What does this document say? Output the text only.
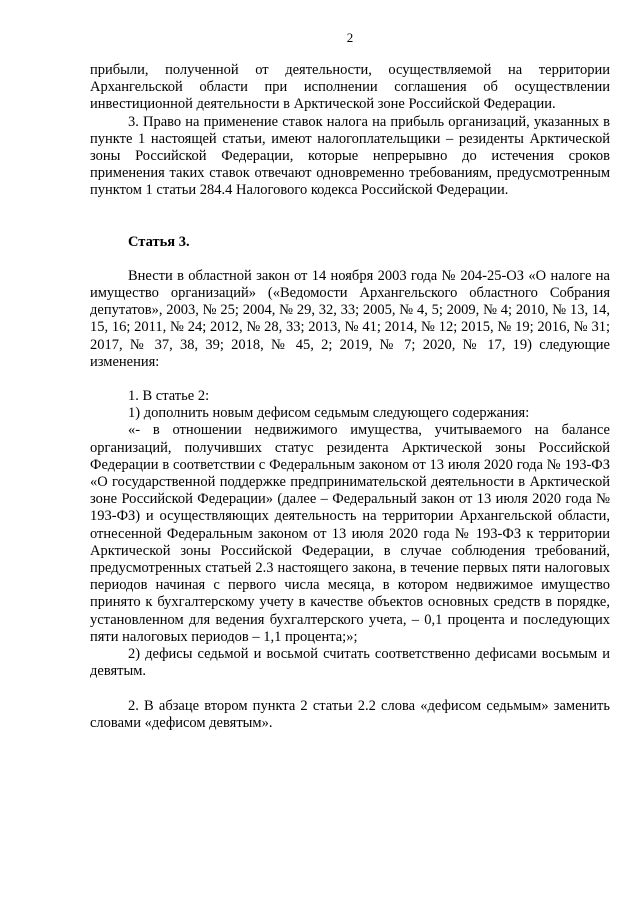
2

прибыли, полученной от деятельности, осуществляемой на территории Архангельской области при исполнении соглашения об осуществлении инвестиционной деятельности в Арктической зоне Российской Федерации.

3. Право на применение ставок налога на прибыль организаций, указанных в пункте 1 настоящей статьи, имеют налогоплательщики – резиденты Арктической зоны Российской Федерации, которые непрерывно до истечения сроков применения таких ставок отвечают одновременно требованиям, предусмотренным пунктом 1 статьи 284.4 Налогового кодекса Российской Федерации.

Статья 3.

Внести в областной закон от 14 ноября 2003 года № 204-25-ОЗ «О налоге на имущество организаций» («Ведомости Архангельского областного Собрания депутатов», 2003, № 25; 2004, № 29, 32, 33; 2005, № 4, 5; 2009, № 4; 2010, № 13, 14, 15, 16; 2011, № 24; 2012, № 28, 33; 2013, № 41; 2014, № 12; 2015, № 19; 2016, № 31; 2017, № 37, 38, 39; 2018, № 45, 2; 2019, № 7; 2020, № 17, 19) следующие изменения:

1. В статье 2:

1) дополнить новым дефисом седьмым следующего содержания:

«- в отношении недвижимого имущества, учитываемого на балансе организаций, получивших статус резидента Арктической зоны Российской Федерации в соответствии с Федеральным законом от 13 июля 2020 года № 193-ФЗ «О государственной поддержке предпринимательской деятельности в Арктической зоне Российской Федерации» (далее – Федеральный закон от 13 июля 2020 года № 193-ФЗ) и осуществляющих деятельность на территории Архангельской области, отнесенной Федеральным законом от 13 июля 2020 года № 193-ФЗ к территории Арктической зоны Российской Федерации, в случае соблюдения требований, предусмотренных статьей 2.3 настоящего закона, в течение первых пяти налоговых периодов начиная с первого числа месяца, в котором недвижимое имущество принято к бухгалтерскому учету в качестве объектов основных средств в порядке, установленном для ведения бухгалтерского учета, – 0,1 процента и последующих пяти налоговых периодов – 1,1 процента;»;

2) дефисы седьмой и восьмой считать соответственно дефисами восьмым и девятым.

2. В абзаце втором пункта 2 статьи 2.2 слова «дефисом седьмым» заменить словами «дефисом девятым».
